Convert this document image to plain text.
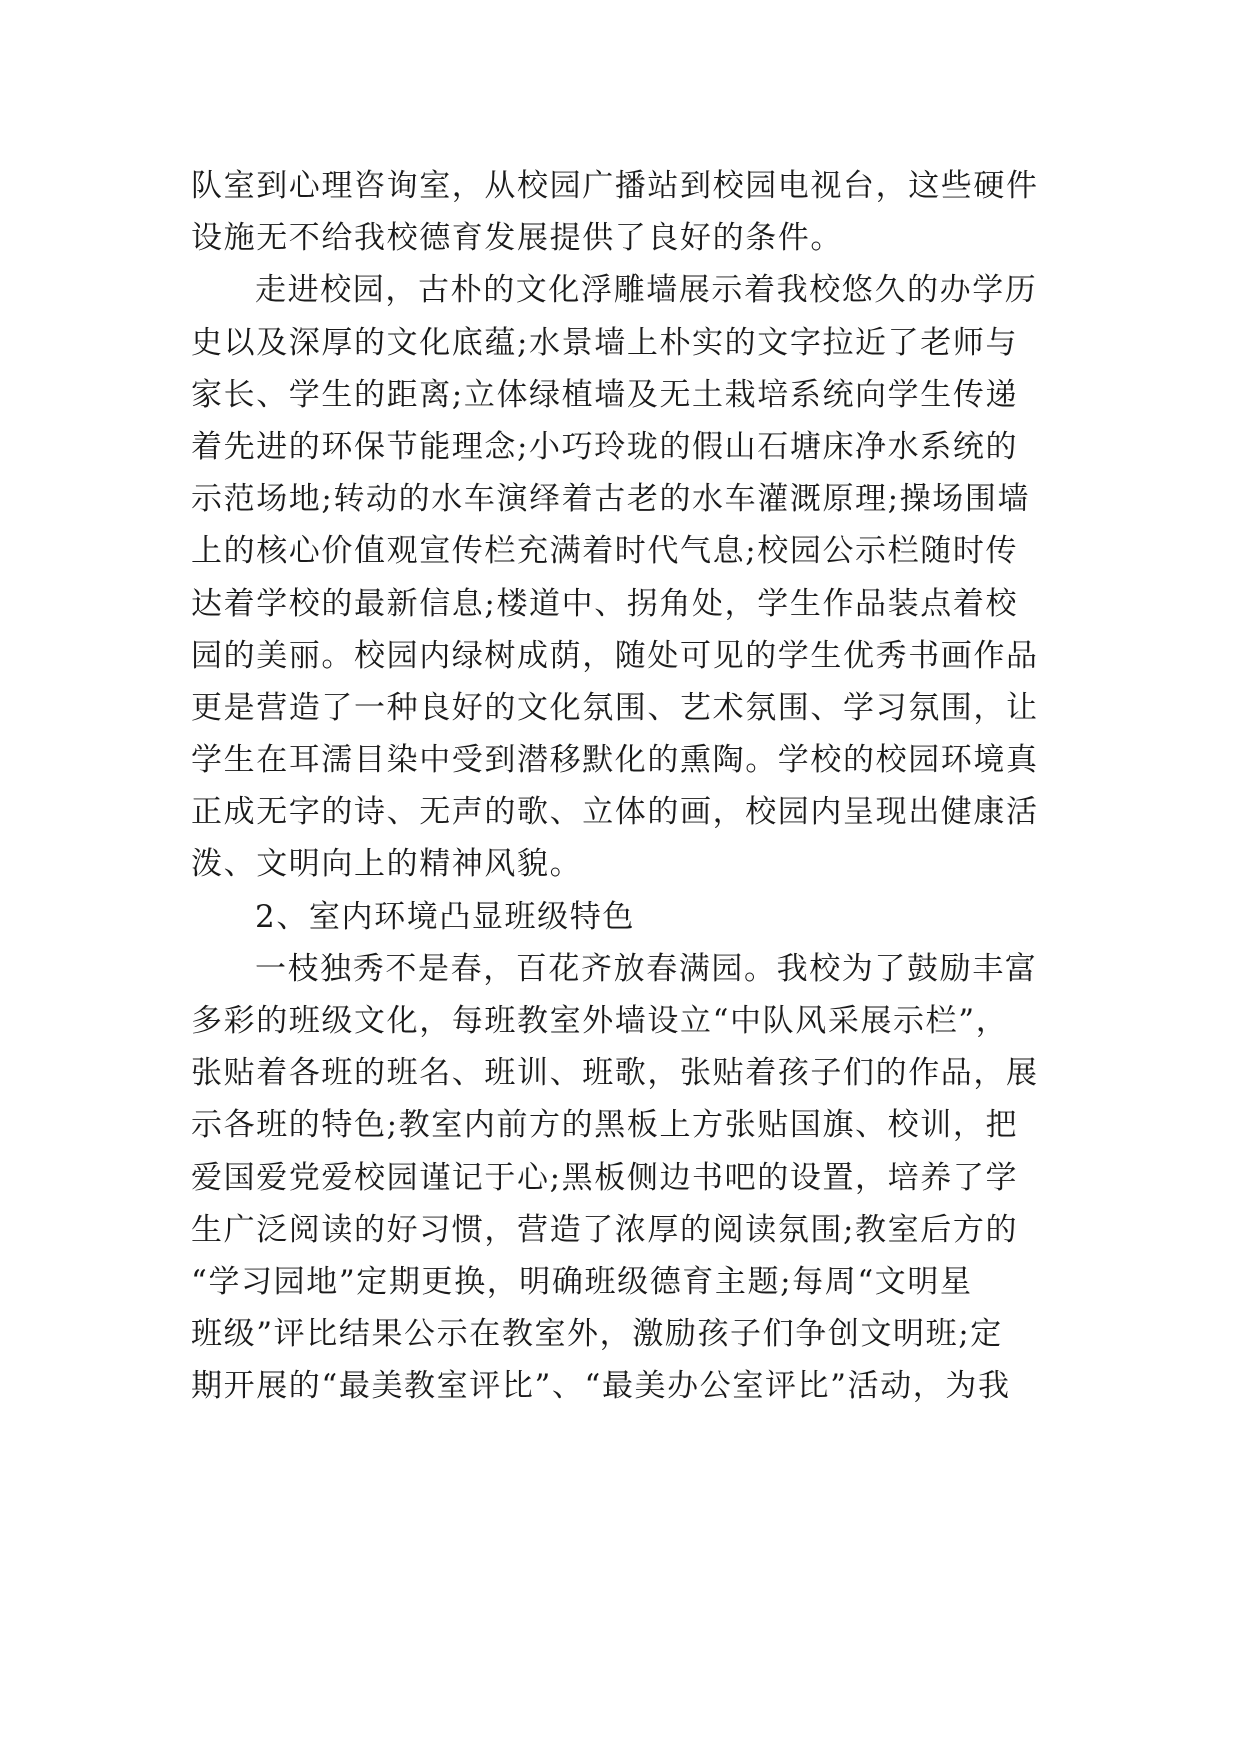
队室到心理咨询室，从校园广播站到校园电视台，这些硬件
设施无不给我校德育发展提供了良好的条件。
走进校园，古朴的文化浮雕墙展示着我校悠久的办学历
史以及深厚的文化底蕴;水景墙上朴实的文字拉近了老师与
家长、学生的距离;立体绿植墙及无土栽培系统向学生传递
着先进的环保节能理念;小巧玲珑的假山石塘床净水系统的
示范场地;转动的水车演绎着古老的水车灌溉原理;操场围墙
上的核心价值观宣传栏充满着时代气息;校园公示栏随时传
达着学校的最新信息;楼道中、拐角处，学生作品装点着校
园的美丽。校园内绿树成荫，随处可见的学生优秀书画作品
更是营造了一种良好的文化氛围、艺术氛围、学习氛围，让
学生在耳濡目染中受到潜移默化的熏陶。学校的校园环境真
正成无字的诗、无声的歌、立体的画，校园内呈现出健康活
泼、文明向上的精神风貌。
2、室内环境凸显班级特色
一枝独秀不是春，百花齐放春满园。我校为了鼓励丰富
多彩的班级文化，每班教室外墙设立“中队风采展示栏”，
张贴着各班的班名、班训、班歌，张贴着孩子们的作品，展
示各班的特色;教室内前方的黑板上方张贴国旗、校训，把
爱国爱党爱校园谨记于心;黑板侧边书吧的设置，培养了学
生广泛阅读的好习惯，营造了浓厚的阅读氛围;教室后方的
“学习园地”定期更换，明确班级德育主题;每周“文明星
班级”评比结果公示在教室外，激励孩子们争创文明班;定
期开展的“最美教室评比”、“最美办公室评比”活动，为我
